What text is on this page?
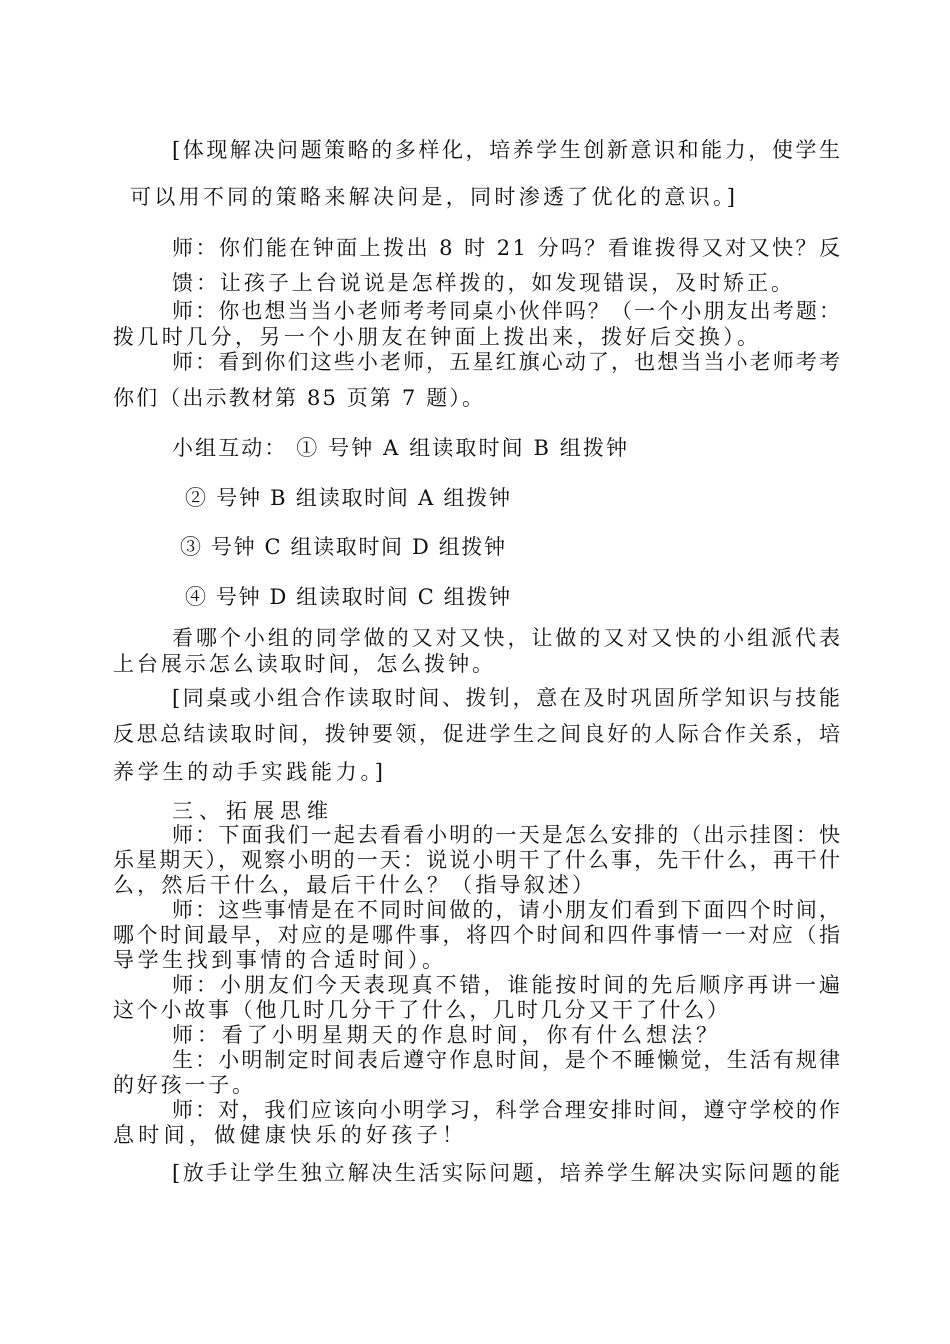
[体现解决问题策略的多样化，培养学生创新意识和能力，使学生
可以用不同的策略来解决问是，同时渗透了优化的意识。]
师：你们能在钟面上拨出 8 时 21 分吗？看谁拨得又对又快？反
馈：让孩子上台说说是怎样拨的，如发现错误，及时矫正。
师：你也想当当小老师考考同桌小伙伴吗？（一个小朋友出考题：
拨几时几分，另一个小朋友在钟面上拨出来，拨好后交换）。
师：看到你们这些小老师，五星红旗心动了，也想当当小老师考考
你们（出示教材第 85 页第 7 题）。
小组互动： ① 号钟 A 组读取时间 B 组拨钟
② 号钟 B 组读取时间 A 组拨钟
③ 号钟 C 组读取时间 D 组拨钟
④ 号钟 D 组读取时间 C 组拨钟
看哪个小组的同学做的又对又快，让做的又对又快的小组派代表
上台展示怎么读取时间，怎么拨钟。
[同桌或小组合作读取时间、拨钊，意在及时巩固所学知识与技能
反思总结读取时间，拨钟要领，促进学生之间良好的人际合作关系，培
养学生的动手实践能力。]
三、拓展思维
师：下面我们一起去看看小明的一天是怎么安排的（出示挂图：快
乐星期天），观察小明的一天：说说小明干了什么事，先干什么，再干什
么，然后干什么，最后干什么？（指导叙述）
师：这些事情是在不同时间做的，请小朋友们看到下面四个时间，
哪个时间最早，对应的是哪件事，将四个时间和四件事情一一对应（指
导学生找到事情的合适时间）。
师：小朋友们今天表现真不错，谁能按时间的先后顺序再讲一遍
这个小故事（他几时几分干了什么，几时几分又干了什么）
师：看了小明星期天的作息时间，你有什么想法？
生：小明制定时间表后遵守作息时间，是个不睡懒觉，生活有规律
的好孩一子。
师：对，我们应该向小明学习，科学合理安排时间，遵守学校的作
息时间，做健康快乐的好孩子！
[放手让学生独立解决生活实际问题，培养学生解决实际问题的能
